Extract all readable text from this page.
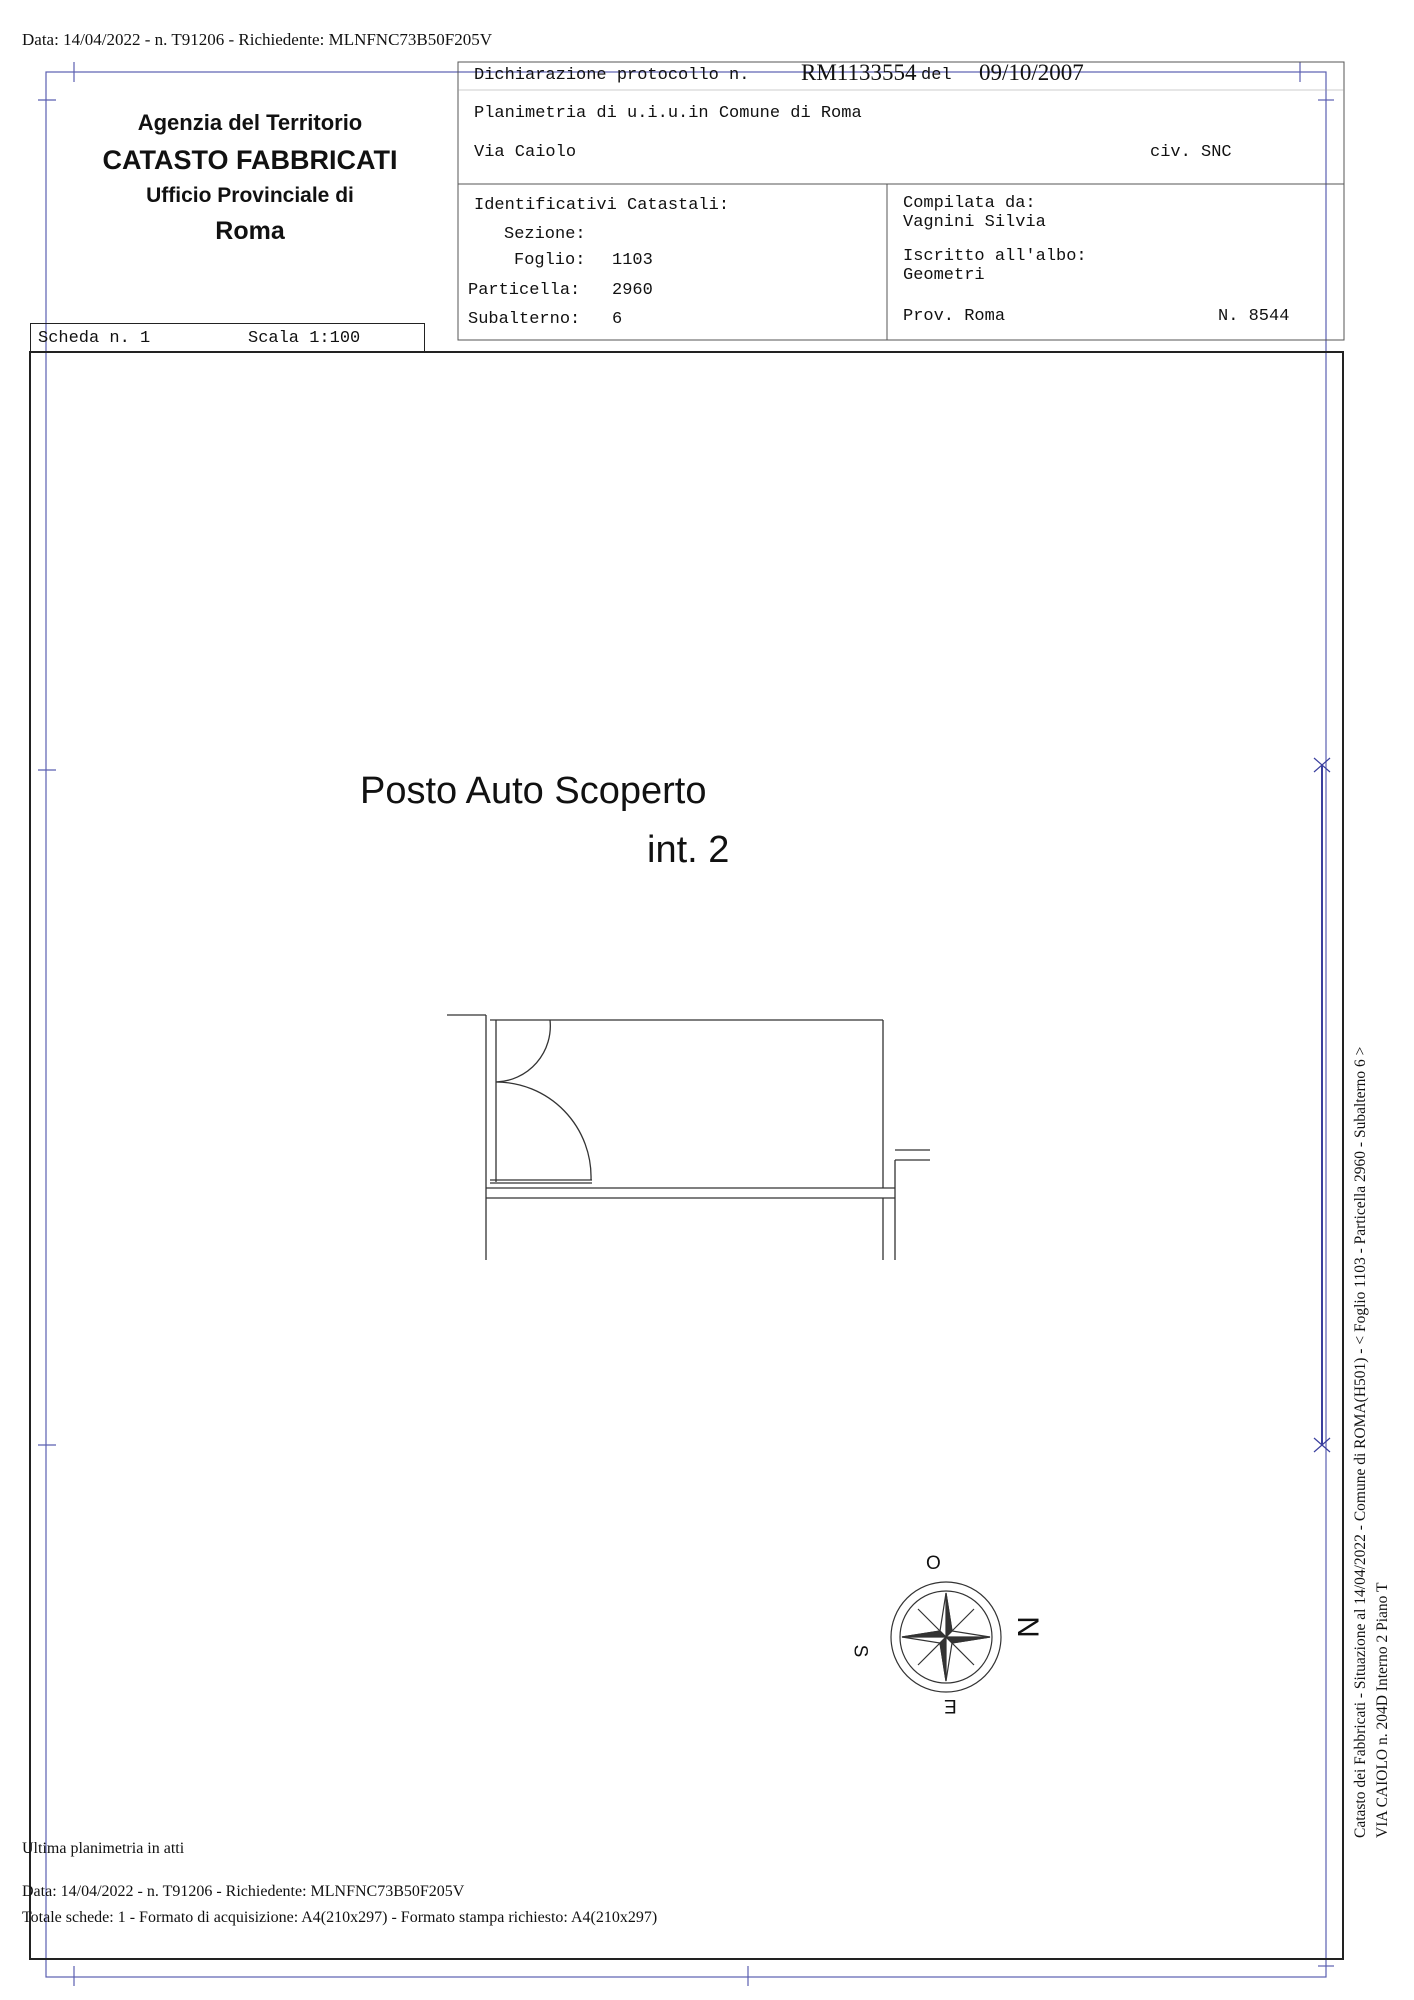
Data: 14/04/2022 - n. T91206 - Richiedente: MLNFNC73B50F205V
Agenzia del Territorio
CATASTO FABBRICATI
Ufficio Provinciale di
Roma
Scheda n. 1	Scala 1:100
Dichiarazione protocollo n. RM1133554 del 09/10/2007
Planimetria di u.i.u.in Comune di Roma
Via Caiolo	civ. SNC
Identificativi Catastali:
Sezione:
Foglio: 1103
Particella: 2960
Subalterno: 6
Compilata da:
Vagnini Silvia
Iscritto all'albo:
Geometri
Prov. Roma	N. 8544
Posto Auto Scoperto
int. 2
O
S
E
N	Catasto dei Fabbricati - Situazione al 14/04/2022 - Comune di ROMA(H501) - < Foglio 1103 - Particella 2960 - Subalterno 6 > VIA CAIOLO n. 204D Interno 2 Piano T
Ultima planimetria in atti
Data: 14/04/2022 - n. T91206 - Richiedente: MLNFNC73B50F205V
Totale schede: 1 - Formato di acquisizione: A4(210x297) - Formato stampa richiesto: A4(210x297)
